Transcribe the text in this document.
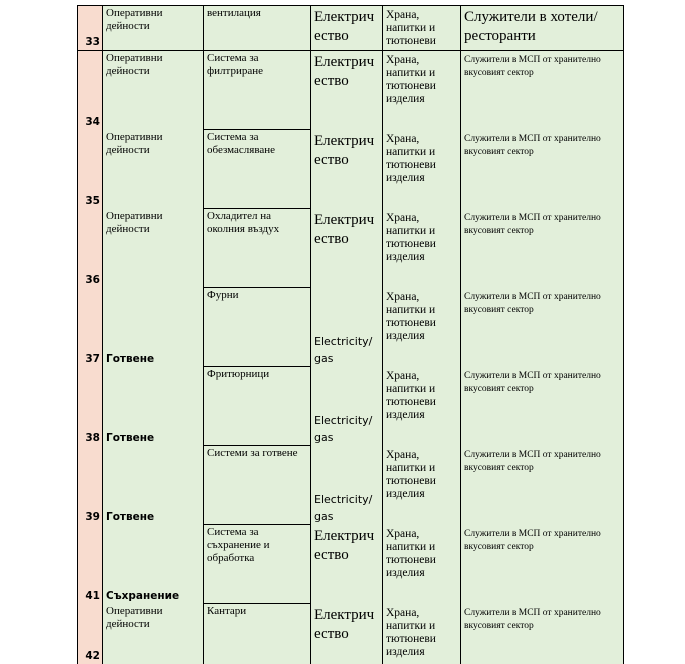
33
Оперативни дейности
вентилация	Електричество
Храна, напитки и тютюневи
Служители в хотели/ресторанти
34
Оперативни дейности
Система за филтриране
Електричество
Храна, напитки и тютюневи изделия
Служители в МСП от хранително вкусовият сектор
35
Оперативни дейности
Система за обезмасляване
Електричество
Храна, напитки и тютюневи изделия
Служители в МСП от хранително вкусовият сектор
36
Оперативни дейности
Охладител на околния въздух
Електричество
Храна, напитки и тютюневи изделия
Служители в МСП от хранително вкусовият сектор
37 Готвене
Фурни
Electricity/gas
Храна, напитки и тютюневи изделия
Служители в МСП от хранително вкусовият сектор
38 Готвене
Фритюрници
Electricity/gas
Храна, напитки и тютюневи изделия
Служители в МСП от хранително вкусовият сектор
39 Готвене
Системи за готвене
Electricity/gas
Храна, напитки и тютюневи изделия
Служители в МСП от хранително вкусовият сектор
41 Съхранение
Система за съхранение и обработка
Електричество
Храна, напитки и тютюневи изделия
Служители в МСП от хранително вкусовият сектор
42
Оперативни дейности
Кантари	Електричество
Храна, напитки и тютюневи изделия
Служители в МСП от хранително вкусовият сектор
